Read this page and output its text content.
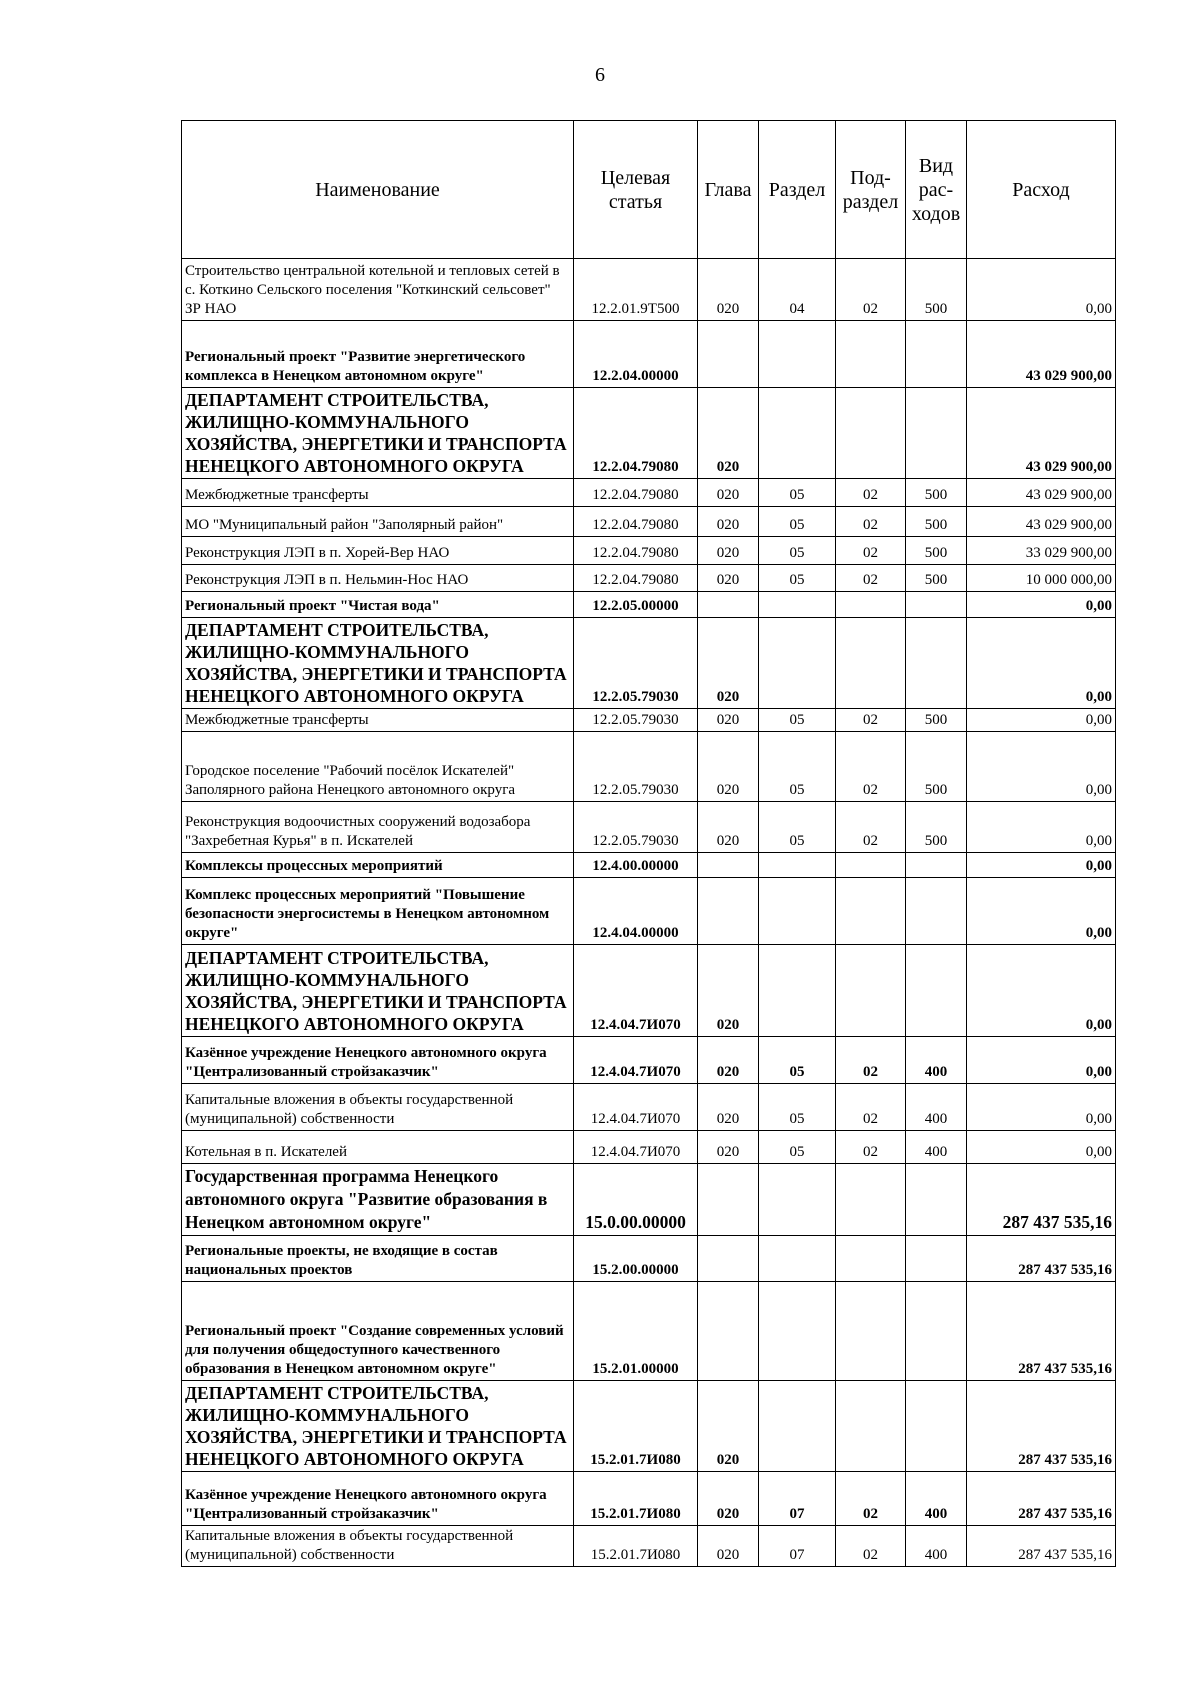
6
Наименование	Целевая статья	Глава	Раздел	Под-раздел	Вид рас-ходов	Расход
Строительство центральной котельной и тепловых сетей в с. Коткино Сельского поселения "Коткинский сельсовет" ЗР НАО	12.2.01.9Т500	020	04	02	500	0,00
Региональный проект "Развитие энергетического комплекса в Ненецком автономном округе"	12.2.04.00000					43 029 900,00
ДЕПАРТАМЕНТ СТРОИТЕЛЬСТВА, ЖИЛИЩНО-КОММУНАЛЬНОГО ХОЗЯЙСТВА, ЭНЕРГЕТИКИ И ТРАНСПОРТА НЕНЕЦКОГО АВТОНОМНОГО ОКРУГА	12.2.04.79080	020				43 029 900,00
Межбюджетные трансферты	12.2.04.79080	020	05	02	500	43 029 900,00
МО "Муниципальный район "Заполярный район"	12.2.04.79080	020	05	02	500	43 029 900,00
Реконструкция ЛЭП в п. Хорей-Вер НАО	12.2.04.79080	020	05	02	500	33 029 900,00
Реконструкция ЛЭП в п. Нельмин-Нос НАО	12.2.04.79080	020	05	02	500	10 000 000,00
Региональный проект "Чистая вода"	12.2.05.00000					0,00
ДЕПАРТАМЕНТ СТРОИТЕЛЬСТВА, ЖИЛИЩНО-КОММУНАЛЬНОГО ХОЗЯЙСТВА, ЭНЕРГЕТИКИ И ТРАНСПОРТА НЕНЕЦКОГО АВТОНОМНОГО ОКРУГА	12.2.05.79030	020				0,00
Межбюджетные трансферты	12.2.05.79030	020	05	02	500	0,00
Городское поселение "Рабочий посёлок Искателей" Заполярного района Ненецкого автономного округа	12.2.05.79030	020	05	02	500	0,00
Реконструкция водоочистных сооружений водозабора "Захребетная Курья" в п. Искателей	12.2.05.79030	020	05	02	500	0,00
Комплексы процессных мероприятий	12.4.00.00000					0,00
Комплекс процессных мероприятий "Повышение безопасности энергосистемы в Ненецком автономном округе"	12.4.04.00000					0,00
ДЕПАРТАМЕНТ СТРОИТЕЛЬСТВА, ЖИЛИЩНО-КОММУНАЛЬНОГО ХОЗЯЙСТВА, ЭНЕРГЕТИКИ И ТРАНСПОРТА НЕНЕЦКОГО АВТОНОМНОГО ОКРУГА	12.4.04.7И070	020				0,00
Казённое учреждение Ненецкого автономного округа "Централизованный стройзаказчик"	12.4.04.7И070	020	05	02	400	0,00
Капитальные вложения в объекты государственной (муниципальной) собственности	12.4.04.7И070	020	05	02	400	0,00
Котельная в п. Искателей	12.4.04.7И070	020	05	02	400	0,00
Государственная программа Ненецкого автономного округа "Развитие образования в Ненецком автономном округе"	15.0.00.00000					287 437 535,16
Региональные проекты, не входящие в состав национальных проектов	15.2.00.00000					287 437 535,16
Региональный проект "Создание современных условий для получения общедоступного качественного образования в Ненецком автономном округе"	15.2.01.00000					287 437 535,16
ДЕПАРТАМЕНТ СТРОИТЕЛЬСТВА, ЖИЛИЩНО-КОММУНАЛЬНОГО ХОЗЯЙСТВА, ЭНЕРГЕТИКИ И ТРАНСПОРТА НЕНЕЦКОГО АВТОНОМНОГО ОКРУГА	15.2.01.7И080	020				287 437 535,16
Казённое учреждение Ненецкого автономного округа "Централизованный стройзаказчик"	15.2.01.7И080	020	07	02	400	287 437 535,16
Капитальные вложения в объекты государственной (муниципальной) собственности	15.2.01.7И080	020	07	02	400	287 437 535,16
